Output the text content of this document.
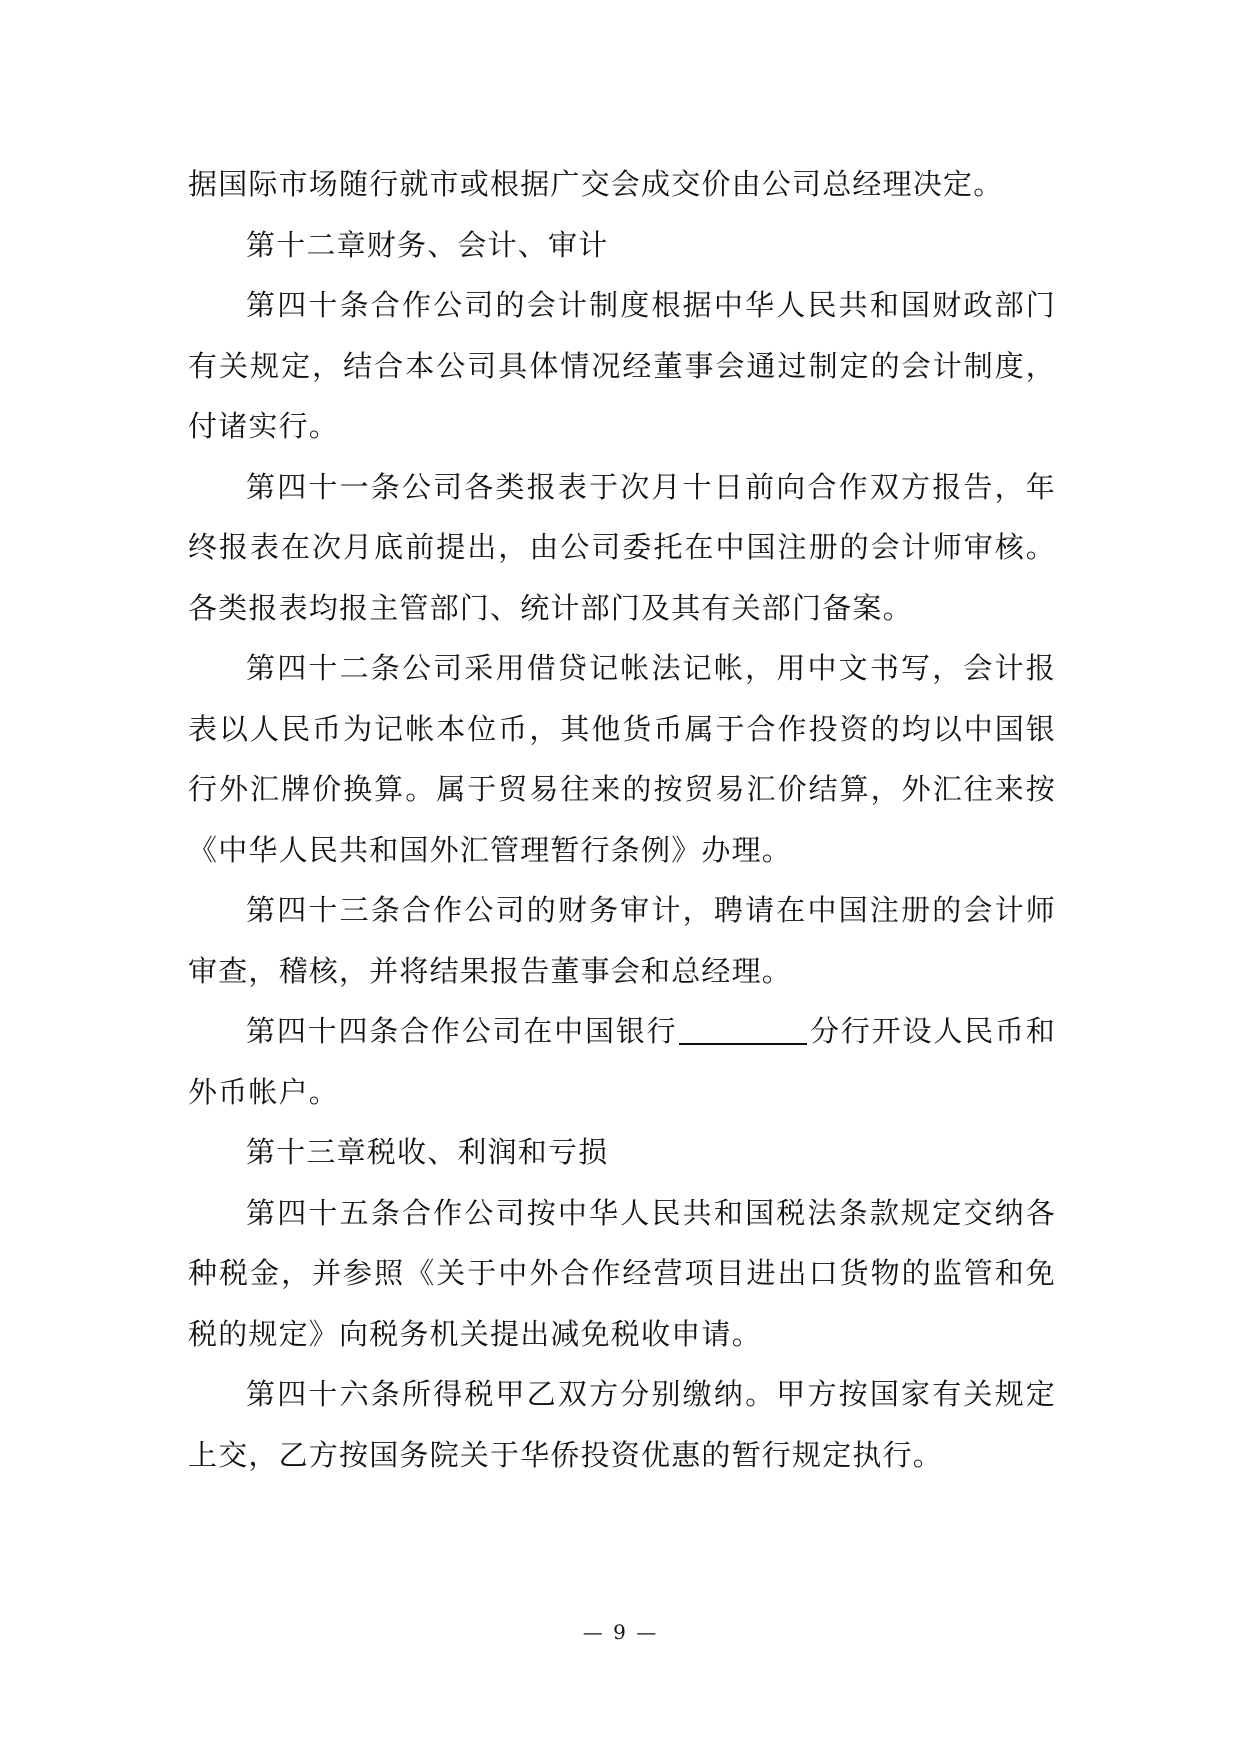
据国际市场随行就市或根据广交会成交价由公司总经理决定。

第十二章财务、会计、审计

第四十条合作公司的会计制度根据中华人民共和国财政部门有关规定，结合本公司具体情况经董事会通过制定的会计制度，付诸实行。

第四十一条公司各类报表于次月十日前向合作双方报告，年终报表在次月底前提出，由公司委托在中国注册的会计师审核。各类报表均报主管部门、统计部门及其有关部门备案。

第四十二条公司采用借贷记帐法记帐，用中文书写，会计报表以人民币为记帐本位币，其他货币属于合作投资的均以中国银行外汇牌价换算。属于贸易往来的按贸易汇价结算，外汇往来按《中华人民共和国外汇管理暂行条例》办理。

第四十三条合作公司的财务审计，聘请在中国注册的会计师审查，稽核，并将结果报告董事会和总经理。

第四十四条合作公司在中国银行	分行开设人民币和外币帐户。

第十三章税收、利润和亏损

第四十五条合作公司按中华人民共和国税法条款规定交纳各种税金，并参照《关于中外合作经营项目进出口货物的监管和免税的规定》向税务机关提出减免税收申请。

第四十六条所得税甲乙双方分别缴纳。甲方按国家有关规定上交，乙方按国务院关于华侨投资优惠的暂行规定执行。

— 9 —
